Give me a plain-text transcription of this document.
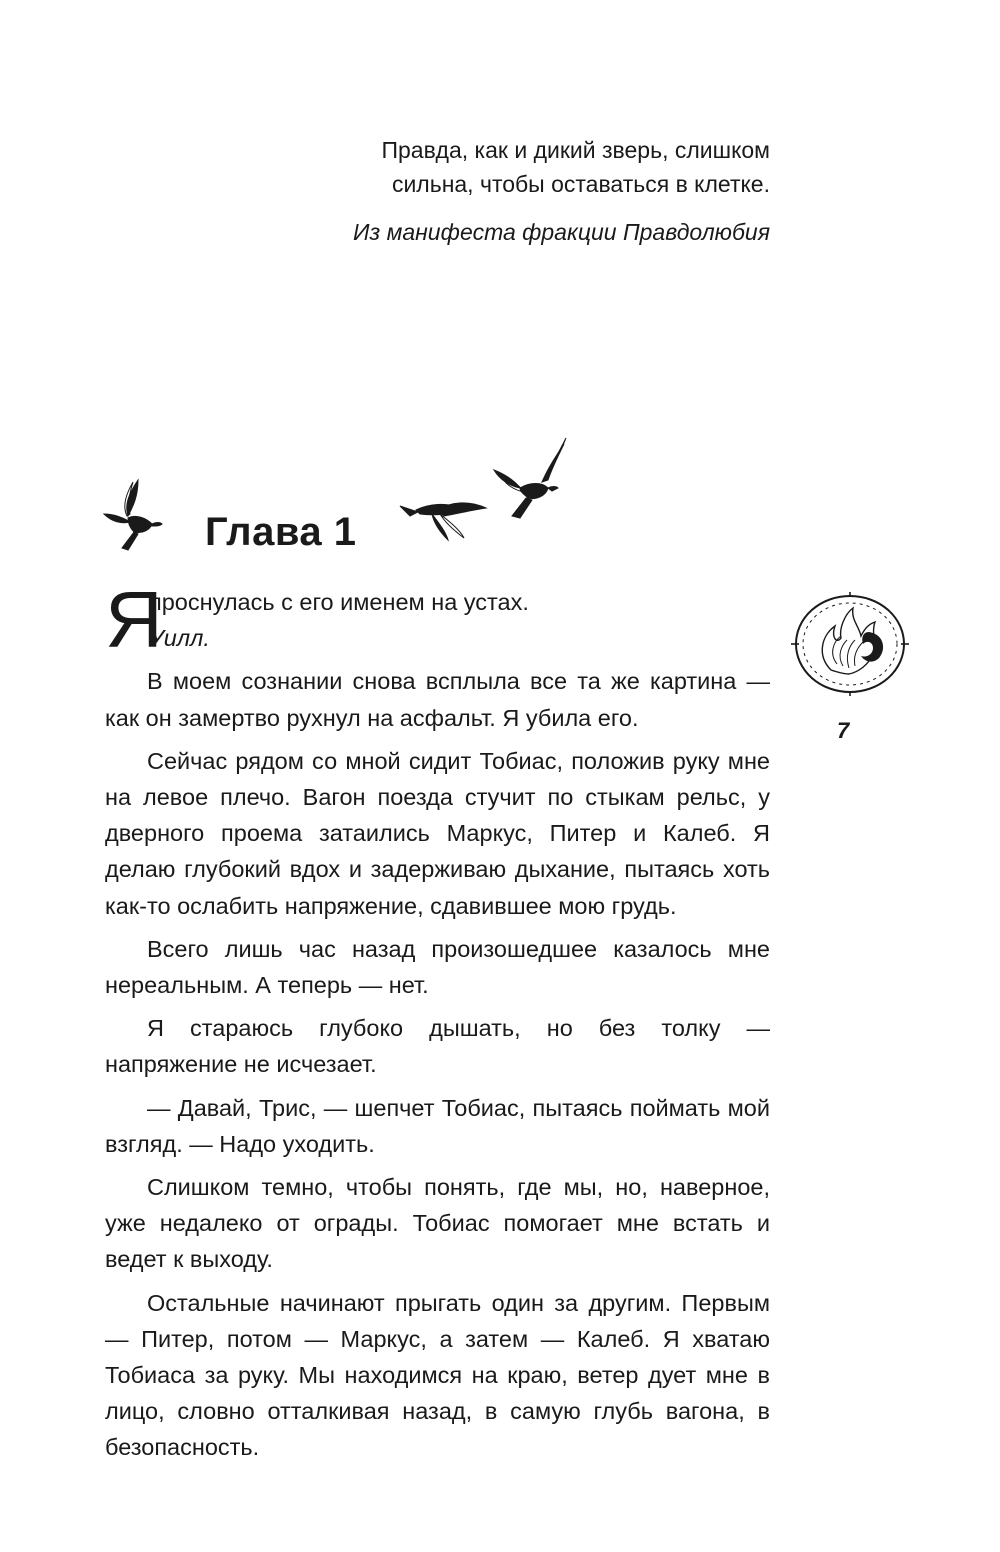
Правда, как и дикий зверь, слишком
сильна, чтобы оставаться в клетке.
Из манифеста фракции Правдолюбия
Глава 1

Я
проснулась с его именем на устах.
Уилл.

В моем сознании снова всплыла все та же картина — как он замертво рухнул на асфальт. Я убила его.

Сейчас рядом со мной сидит Тобиас, положив руку мне на левое плечо. Вагон поезда стучит по стыкам рельс, у дверного проема затаились Маркус, Питер и Калеб. Я делаю глубокий вдох и задерживаю дыхание, пытаясь хоть как-то ослабить напряжение, сдавившее мою грудь.

Всего лишь час назад произошедшее казалось мне нереальным. А теперь — нет.

Я стараюсь глубоко дышать, но без толку — напряжение не исчезает.

— Давай, Трис, — шепчет Тобиас, пытаясь поймать мой взгляд. — Надо уходить.

Слишком темно, чтобы понять, где мы, но, наверное, уже недалеко от ограды. Тобиас помогает мне встать и ведет к выходу.

Остальные начинают прыгать один за другим. Первым — Питер, потом — Маркус, а затем — Калеб. Я хватаю Тобиаса за руку. Мы находимся на краю, ветер дует мне в лицо, словно отталкивая назад, в самую глубь вагона, в безопасность.

7
